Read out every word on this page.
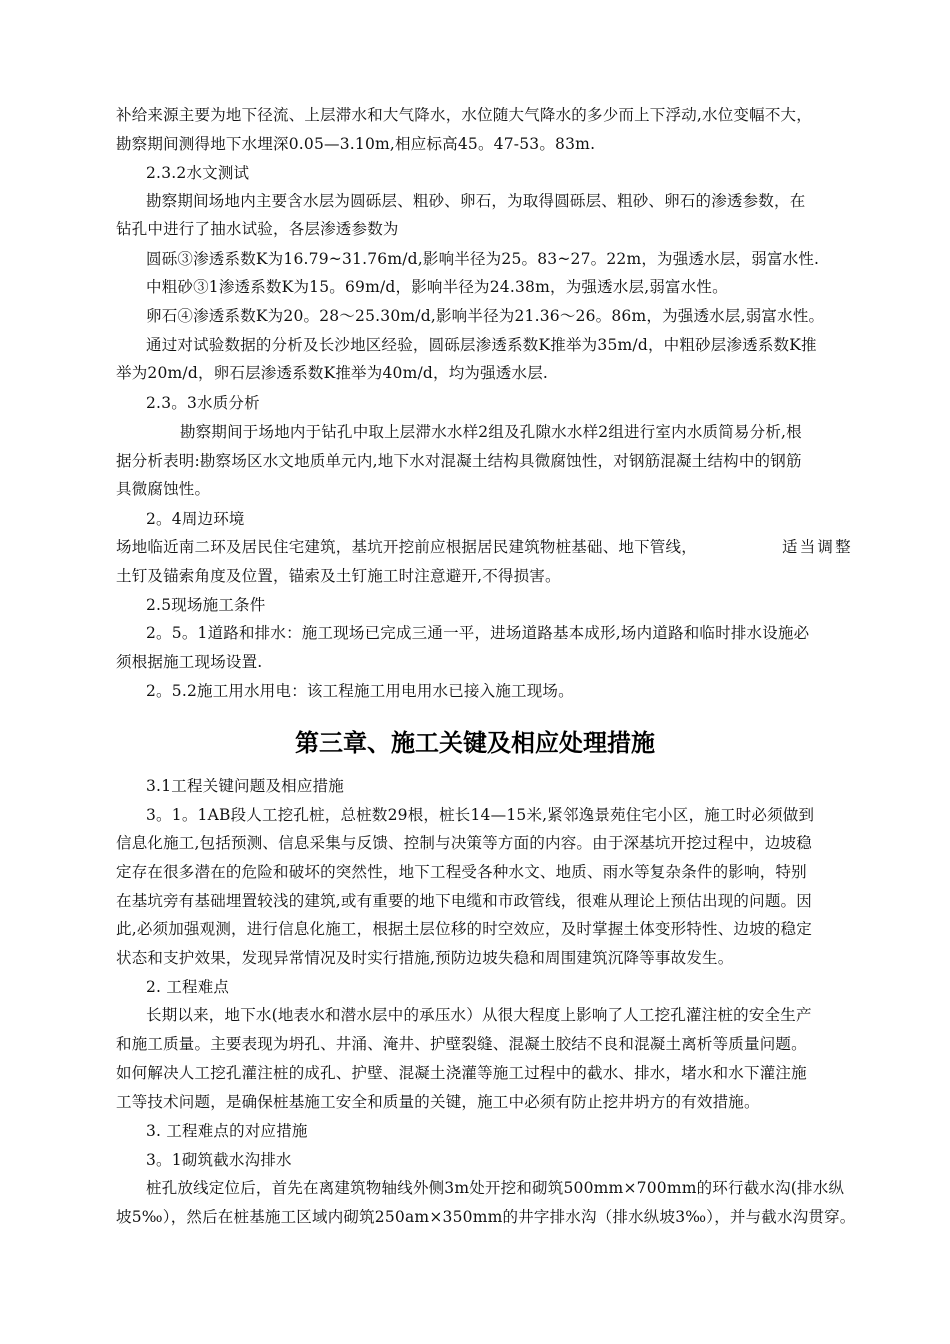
补给来源主要为地下径流、上层滞水和大气降水，水位随大气降水的多少而上下浮动,水位变幅不大，
勘察期间测得地下水埋深0.05—3.10m,相应标高45。47-53。83m.
2.3.2水文测试
勘察期间场地内主要含水层为圆砾层、粗砂、卵石，为取得圆砾层、粗砂、卵石的渗透参数，在
钻孔中进行了抽水试验，各层渗透参数为
圆砾③渗透系数K为16.79~31.76m/d,影响半径为25。83~27。22m，为强透水层，弱富水性.
中粗砂③1渗透系数K为15。69m/d，影响半径为24.38m，为强透水层,弱富水性。
卵石④渗透系数K为20。28～25.30m/d,影响半径为21.36～26。86m，为强透水层,弱富水性。
通过对试验数据的分析及长沙地区经验，圆砾层渗透系数K推举为35m/d，中粗砂层渗透系数K推
举为20m/d，卵石层渗透系数K推举为40m/d，均为强透水层.
2.3。3水质分析
勘察期间于场地内于钻孔中取上层滞水水样2组及孔隙水水样2组进行室内水质简易分析,根
据分析表明:勘察场区水文地质单元内,地下水对混凝土结构具微腐蚀性，对钢筋混凝土结构中的钢筋
具微腐蚀性。
2。4周边环境
场地临近南二环及居民住宅建筑，基坑开挖前应根据居民建筑物桩基础、地下管线，	适当调整
土钉及锚索角度及位置，锚索及土钉施工时注意避开,不得损害。
2.5现场施工条件
2。5。1道路和排水：施工现场已完成三通一平，进场道路基本成形,场内道路和临时排水设施必
须根据施工现场设置.
2。5.2施工用水用电：该工程施工用电用水已接入施工现场。
第三章、施工关键及相应处理措施
3.1工程关键问题及相应措施
3。1。1AB段人工挖孔桩，总桩数29根，桩长14—15米,紧邻逸景苑住宅小区，施工时必须做到
信息化施工,包括预测、信息采集与反馈、控制与决策等方面的内容。由于深基坑开挖过程中，边坡稳
定存在很多潜在的危险和破坏的突然性，地下工程受各种水文、地质、雨水等复杂条件的影响，特别
在基坑旁有基础埋置较浅的建筑,或有重要的地下电缆和市政管线，很难从理论上预估出现的问题。因
此,必须加强观测，进行信息化施工，根据土层位移的时空效应，及时掌握土体变形特性、边坡的稳定
状态和支护效果，发现异常情况及时实行措施,预防边坡失稳和周围建筑沉降等事故发生。
2. 工程难点
长期以来，地下水(地表水和潜水层中的承压水）从很大程度上影响了人工挖孔灌注桩的安全生产
和施工质量。主要表现为坍孔、井涌、淹井、护壁裂缝、混凝土胶结不良和混凝土离析等质量问题。
如何解决人工挖孔灌注桩的成孔、护壁、混凝土浇灌等施工过程中的截水、排水，堵水和水下灌注施
工等技术问题，是确保桩基施工安全和质量的关键，施工中必须有防止挖井坍方的有效措施。
3. 工程难点的对应措施
3。1砌筑截水沟排水
桩孔放线定位后，首先在离建筑物轴线外侧3m处开挖和砌筑500mm×700mm的环行截水沟(排水纵
坡5‰），然后在桩基施工区域内砌筑250am×350mm的井字排水沟（排水纵坡3‰），并与截水沟贯穿。
